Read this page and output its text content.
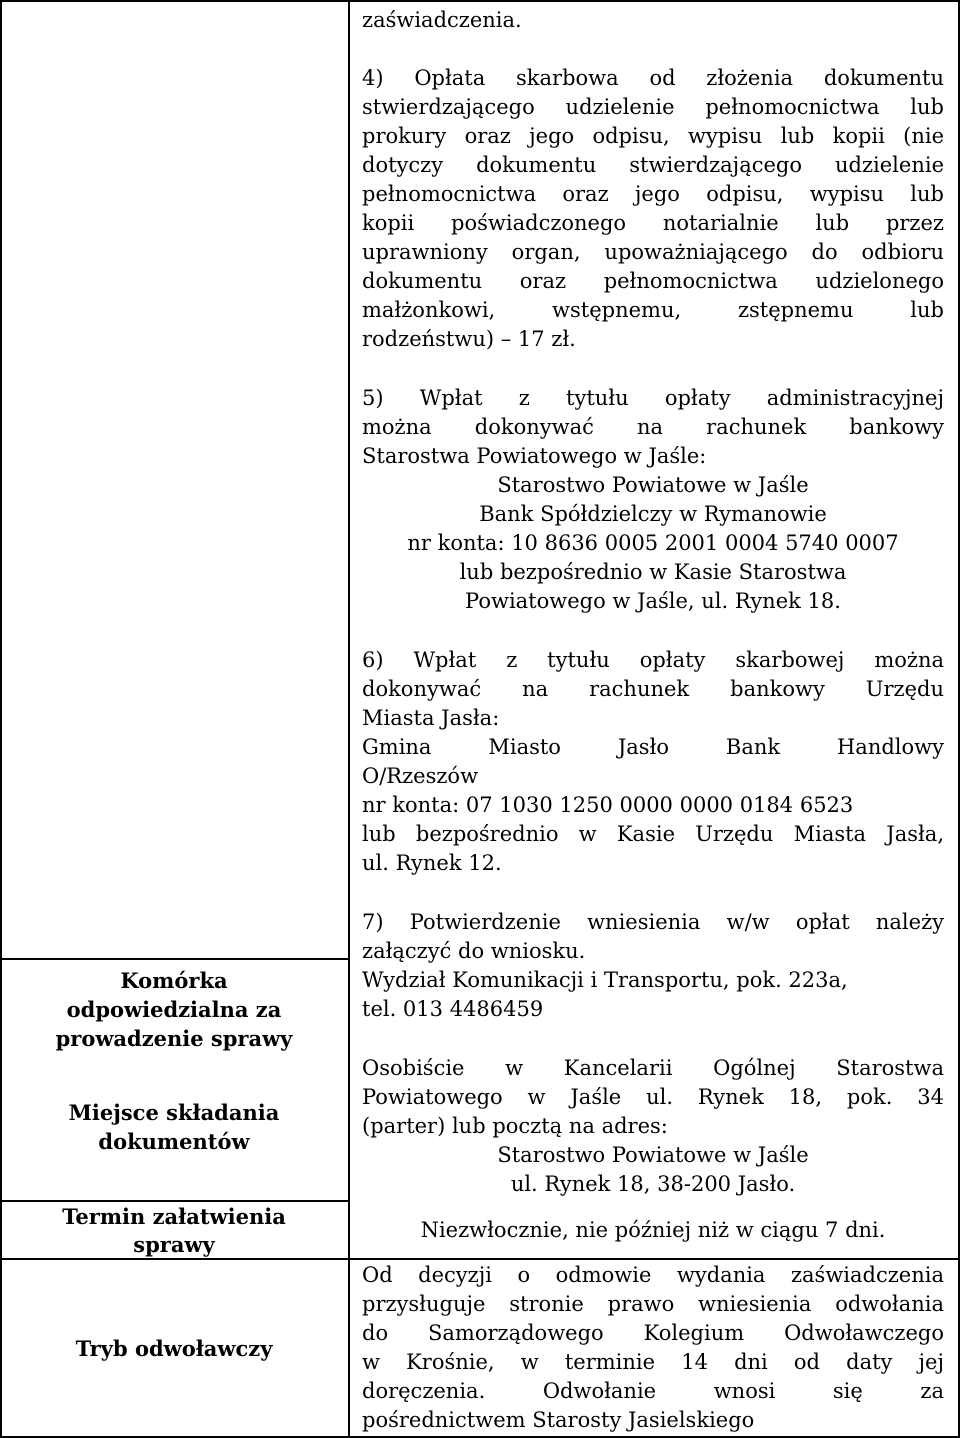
zaświadczenia.

4) Opłata skarbowa od złożenia dokumentu

stwierdzającego udzielenie pełnomocnictwa lub

prokury oraz jego odpisu, wypisu lub kopii (nie

dotyczy dokumentu stwierdzającego udzielenie

pełnomocnictwa oraz jego odpisu, wypisu lub

kopii poświadczonego notarialnie lub przez

uprawniony organ, upoważniającego do odbioru

dokumentu oraz pełnomocnictwa udzielonego

małżonkowi, wstępnemu, zstępnemu lub

rodzeństwu) – 17 zł.

5) Wpłat z tytułu opłaty administracyjnej

można dokonywać na rachunek bankowy

Starostwa Powiatowego w Jaśle:

Starostwo Powiatowe w Jaśle

Bank Spółdzielczy w Rymanowie

nr konta: 10 8636 0005 2001 0004 5740 0007

lub bezpośrednio w Kasie Starostwa

Powiatowego w Jaśle, ul. Rynek 18.

6) Wpłat z tytułu opłaty skarbowej można

dokonywać na rachunek bankowy Urzędu

Miasta Jasła:

Gmina Miasto Jasło Bank Handlowy

O/Rzeszów

nr konta: 07 1030 1250 0000 0000 0184 6523

lub bezpośrednio w Kasie Urzędu Miasta Jasła,

ul. Rynek 12.

7) Potwierdzenie wniesienia w/w opłat należy

załączyć do wniosku.

Wydział Komunikacji i Transportu, pok. 223a,

tel. 013 4486459

Osobiście w Kancelarii Ogólnej Starostwa

Powiatowego w Jaśle ul. Rynek 18, pok. 34

(parter) lub pocztą na adres:

Starostwo Powiatowe w Jaśle

ul. Rynek 18, 38-200 Jasło.

Niezwłocznie, nie później niż w ciągu 7 dni.

Od decyzji o odmowie wydania zaświadczenia

przysługuje stronie prawo wniesienia odwołania

do Samorządowego Kolegium Odwoławczego

w Krośnie, w terminie 14 dni od daty jej

doręczenia. Odwołanie wnosi się za

pośrednictwem Starosty Jasielskiego

Komórka

odpowiedzialna za

prowadzenie sprawy

Miejsce składania

dokumentów

Termin załatwienia

sprawy

Tryb odwoławczy
